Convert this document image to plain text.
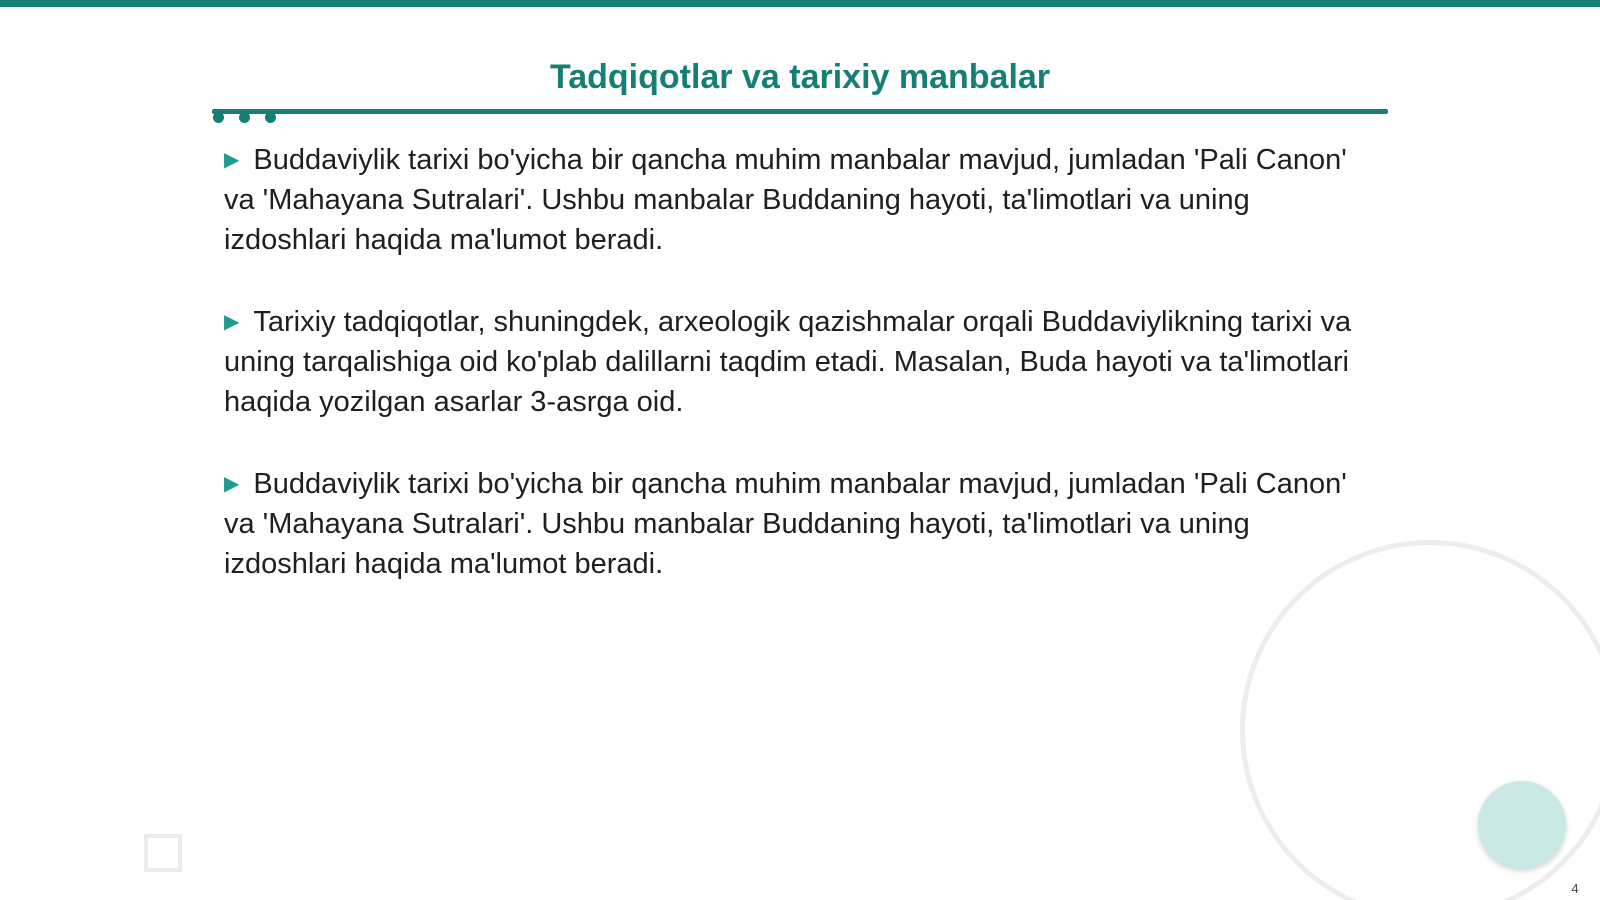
Tadqiqotlar va tarixiy manbalar

▶ Buddaviylik tarixi bo'yicha bir qancha muhim manbalar mavjud, jumladan 'Pali Canon' va 'Mahayana Sutralari'. Ushbu manbalar Buddaning hayoti, ta'limotlari va uning izdoshlari haqida ma'lumot beradi.

▶ Tarixiy tadqiqotlar, shuningdek, arxeologik qazishmalar orqali Buddaviylikning tarixi va uning tarqalishiga oid ko'plab dalillarni taqdim etadi. Masalan, Buda hayoti va ta'limotlari haqida yozilgan asarlar 3-asrga oid.

▶ Buddaviylik tarixi bo'yicha bir qancha muhim manbalar mavjud, jumladan 'Pali Canon' va 'Mahayana Sutralari'. Ushbu manbalar Buddaning hayoti, ta'limotlari va uning izdoshlari haqida ma'lumot beradi.

4
